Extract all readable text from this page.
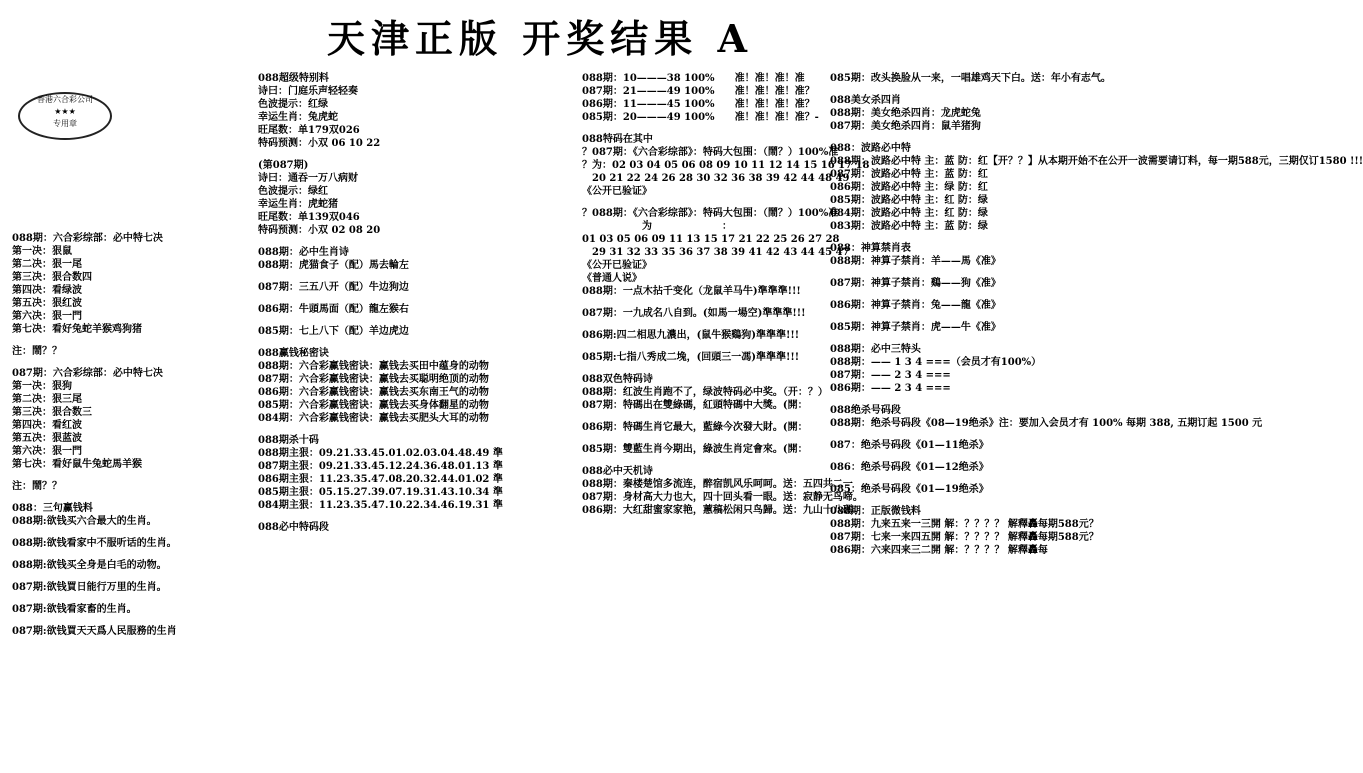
天津正版 开奖结果 A
香港六合彩公司
★★★
专用章

088期：六合彩综部：必中特七决

第一决：狠鼠

第二决：狠一尾

第三决：狠合数四

第四决：看绿波

第五决：狠红波

第六决：狠一門

第七决：看好兔蛇羊猴鸡狗猪

注：鬧？？

087期：六合彩综部：必中特七决

第一决：狠狗

第二决：狠三尾

第三决：狠合数三

第四决：看红波

第五决：狠蓝波

第六决：狠一門

第七决：看好鼠牛兔蛇馬羊猴

注：鬧？？

088：三句赢钱料

088期:欲钱买六合最大的生肖。

088期:欲钱看家中不服听话的生肖。

088期:欲钱买全身是白毛的动物。

087期:欲钱買日能行万里的生肖。

087期:欲钱看家畜的生肖。

087期:欲钱買天天爲人民服務的生肖

088超级特别料

诗曰：门庭乐声轻轻奏

色波提示：红绿

幸运生肖：兔虎蛇

旺尾数：单179双026

特码预测：小双 06 10 22

(第087期)

诗曰：通吞一万八病财

色波提示：绿红

幸运生肖：虎蛇猪

旺尾数：单139双046

特码预测：小双 02 08 20

088期：必中生肖诗

088期：虎猫食子（配）馬去輪左

087期：三五八开（配）牛边狗边

086期：牛頭馬面（配）龍左猴右

085期：七上八下（配）羊边虎边

088赢钱秘密诀

088期：六合彩赢钱密诀：赢钱去买田中蕴身的动物

087期：六合彩赢钱密诀：赢钱去买聪明绝顶的动物

086期：六合彩赢钱密诀：赢钱去买东南王气的动物

085期：六合彩赢钱密诀：赢钱去买身体翻星的动物

084期：六合彩赢钱密诀：赢钱去买肥头大耳的动物

088期杀十码

088期主狠：09.21.33.45.01.02.03.04.48.49 準

087期主狠：09.21.33.45.12.24.36.48.01.13 準

086期主狠：11.23.35.47.08.20.32.44.01.02 準

085期主狠：05.15.27.39.07.19.31.43.10.34 準

084期主狠：11.23.35.47.10.22.34.46.19.31 準

088必中特码段

088期：10———38 100%　　准！准！准！准

087期：21———49 100%　　准！准！准！准？

086期：11———45 100%　　准！准！准！准？

085期：20———49 100%　　准！准！准！准？-

088特码在其中

？087期：《六合彩综部》：特码大包围：（鬧？）100%准

？为：02 03 04 05 06 08 09 10 11 12 14 15 16 17 18

　20 21 22 24 26 28 30 32 36 38 39 42 44 48 49

《公开已验证》

？088期：《六合彩综部》：特码大包围：（鬧？）100%准

　　　　　　为　　　　　　　：

01 03 05 06 09 11 13 15 17 21 22 25 26 27 28

　29 31 32 33 35 36 37 38 39 41 42 43 44 45 47

《公开已验证》

《普通人说》

088期：一点木拈千变化（龙鼠羊马牛)準準準!!!

087期：一九成名八自到。(如馬一場空)準準準!!!

086期:四二相思九濃出，(鼠牛猴鷄狗)準準準!!!

085期:七指八秀成二堍，(回頭三一馮)準準準!!!

088双色特码诗

088期：红波生肖跑不了，绿波特码必中奖。（开：？）

087期：特碼出在雙綠碼，紅頭特碼中大獎。(開：

086期：特碼生肖它最大，藍綠今次發大財。(開：

085期：雙藍生肖今期出，綠波生肖定會來。(開：

088必中天机诗

088期：秦楼楚馆多流连，醉宿凯风乐呵呵。送：五四共二一

087期：身材高大力也大，四十回头看一眼。送：寂静无鸟啼。

086期：大红甜蜜家家艳，蕙稿松闲只鸟歸。送：九山十八碼

085期：改头换脸从一来，一唱雄鸡天下白。送：年小有志气。

088美女杀四肖

088期：美女绝杀四肖：龙虎蛇兔

087期：美女绝杀四肖：鼠羊猪狗

088：波路必中特

088期：波路必中特 主：蓝 防：红【开？？】从本期开始不在公开一波需要请订料，每一期588元，三期仅订1580 !!!

087期：波路必中特 主：蓝 防：红

086期：波路必中特 主：绿 防：红

085期：波路必中特 主：红 防：绿

084期：波路必中特 主：红 防：绿

083期：波路必中特 主：蓝 防：绿

088：神算禁肖表

088期：神算子禁肖：羊——馬《准》

087期：神算子禁肖：鷄——狗《准》

086期：神算子禁肖：兔——龍《准》

085期：神算子禁肖：虎——牛《准》

088期：必中三特头

088期：—— 1 3 4 ===（会员才有100%）

087期：—— 2 3 4 ===

086期：—— 2 3 4 ===

088绝杀号码段

088期：绝杀号码段《08—19绝杀》注：要加入会员才有 100% 每期 388, 五期订起 1500 元

087：绝杀号码段《01—11绝杀》

086：绝杀号码段《01—12绝杀》

085：绝杀号码段《01—19绝杀》

088期：正版微钱料

088期：九来五来一三開 解：？？？？ 解釋轟每期588元？

087期：七来一来四五開 解：？？？？ 解釋轟每期588元？

086期：六来四来三二開 解：？？？？ 解釋轟每
